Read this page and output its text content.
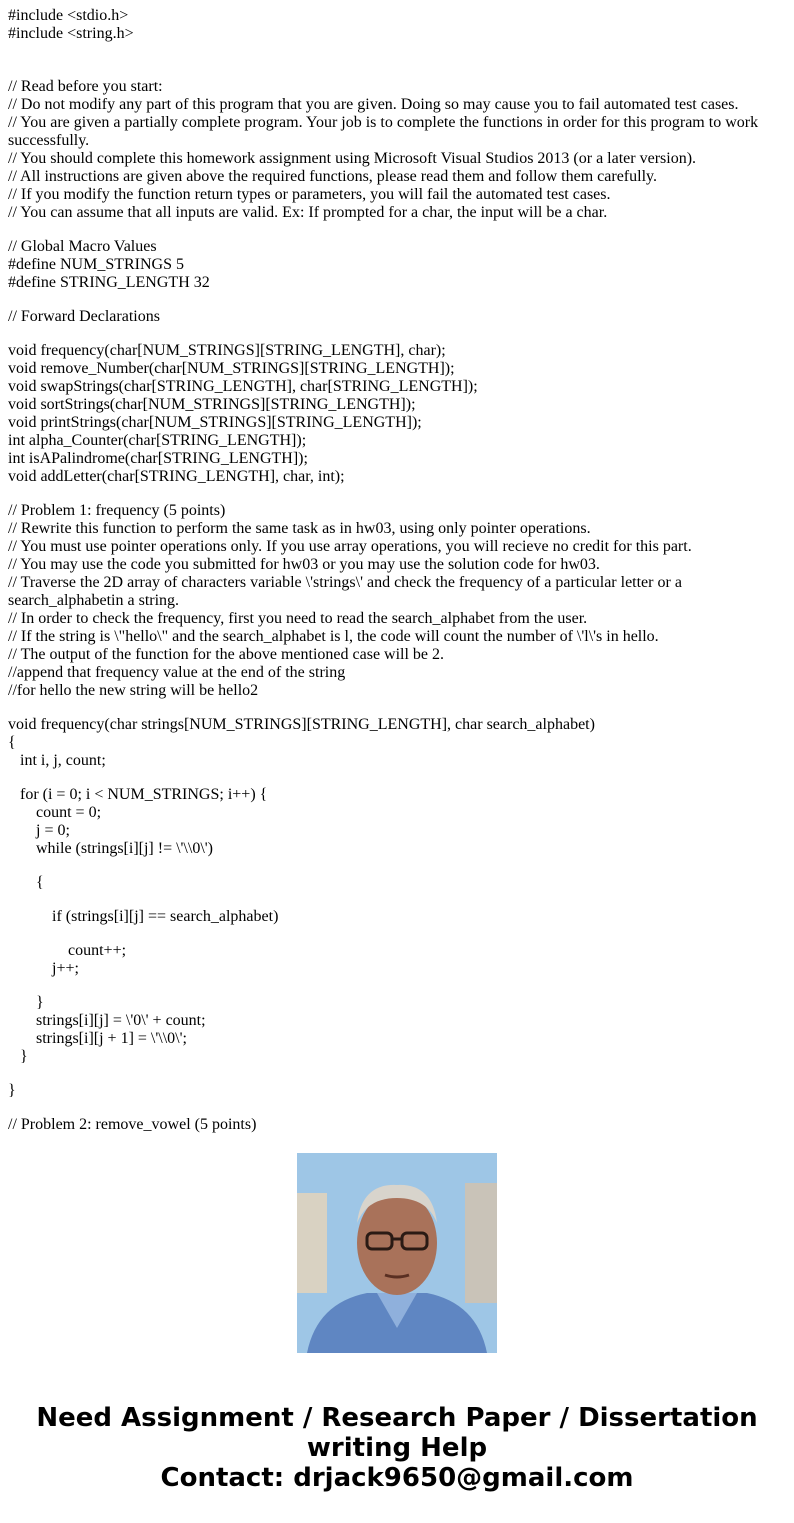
#include <stdio.h>
#include <string.h>
// Read before you start:
// Do not modify any part of this program that you are given. Doing so may cause you to fail automated test cases.
// You are given a partially complete program. Your job is to complete the functions in order for this program to work successfully.
// You should complete this homework assignment using Microsoft Visual Studios 2013 (or a later version).
// All instructions are given above the required functions, please read them and follow them carefully.
// If you modify the function return types or parameters, you will fail the automated test cases.
// You can assume that all inputs are valid. Ex: If prompted for a char, the input will be a char.
// Global Macro Values
#define NUM_STRINGS 5
#define STRING_LENGTH 32
// Forward Declarations
void frequency(char[NUM_STRINGS][STRING_LENGTH], char);
void remove_Number(char[NUM_STRINGS][STRING_LENGTH]);
void swapStrings(char[STRING_LENGTH], char[STRING_LENGTH]);
void sortStrings(char[NUM_STRINGS][STRING_LENGTH]);
void printStrings(char[NUM_STRINGS][STRING_LENGTH]);
int alpha_Counter(char[STRING_LENGTH]);
int isAPalindrome(char[STRING_LENGTH]);
void addLetter(char[STRING_LENGTH], char, int);
// Problem 1: frequency (5 points)
// Rewrite this function to perform the same task as in hw03, using only pointer operations.
// You must use pointer operations only. If you use array operations, you will recieve no credit for this part.
// You may use the code you submitted for hw03 or you may use the solution code for hw03.
// Traverse the 2D array of characters variable \'strings\' and check the frequency of a particular letter or a search_alphabetin a string.
// In order to check the frequency, first you need to read the search_alphabet from the user.
// If the string is \"hello\" and the search_alphabet is l, the code will count the number of \'l\'s in hello.
// The output of the function for the above mentioned case will be 2.
//append that frequency value at the end of the string
//for hello the new string will be hello2
void frequency(char strings[NUM_STRINGS][STRING_LENGTH], char search_alphabet)
{
int i, j, count;
for (i = 0; i < NUM_STRINGS; i++) {
count = 0;
j = 0;
while (strings[i][j] != \'\\0\')
{
if (strings[i][j] == search_alphabet)
count++;
j++;
}
strings[i][j] = \'0\' + count;
strings[i][j + 1] = \'\\0\';
}
}
// Problem 2: remove_vowel (5 points)
Need Assignment / Research Paper / Dissertation
writing Help
Contact: drjack9650@gmail.com
